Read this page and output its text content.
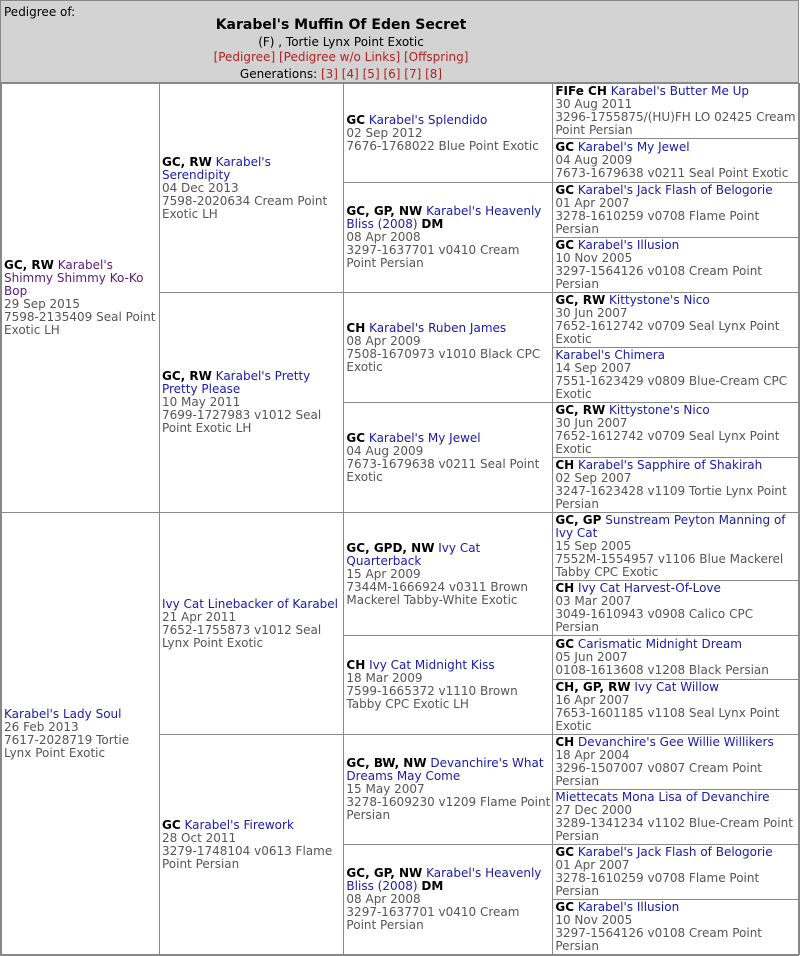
Pedigree of:
Karabel's Muffin Of Eden Secret
(F) , Tortie Lynx Point Exotic
[Pedigree] [Pedigree w/o Links] [Offspring]
Generations: [3] [4] [5] [6] [7] [8]
GC, RW Karabel's Shimmy Shimmy Ko-Ko Bop
29 Sep 2015
7598-2135409 Seal Point Exotic LH	GC, RW Karabel's Serendipity
04 Dec 2013
7598-2020634 Cream Point Exotic LH	GC Karabel's Splendido
02 Sep 2012
7676-1768022 Blue Point Exotic	FIFe CH Karabel's Butter Me Up
30 Aug 2011
3296-1755875/(HU)FH LO 02425 Cream Point Persian
			GC Karabel's My Jewel
04 Aug 2009
7673-1679638 v0211 Seal Point Exotic
		GC, GP, NW Karabel's Heavenly Bliss (2008) DM
08 Apr 2008
3297-1637701 v0410 Cream Point Persian	GC Karabel's Jack Flash of Belogorie
01 Apr 2007
3278-1610259 v0708 Flame Point Persian
			GC Karabel's Illusion
10 Nov 2005
3297-1564126 v0108 Cream Point Persian
	GC, RW Karabel's Pretty Pretty Please
10 May 2011
7699-1727983 v1012 Seal Point Exotic LH	CH Karabel's Ruben James
08 Apr 2009
7508-1670973 v1010 Black CPC Exotic	GC, RW Kittystone's Nico
30 Jun 2007
7652-1612742 v0709 Seal Lynx Point Exotic
			Karabel's Chimera
14 Sep 2007
7551-1623429 v0809 Blue-Cream CPC Exotic
		GC Karabel's My Jewel
04 Aug 2009
7673-1679638 v0211 Seal Point Exotic	GC, RW Kittystone's Nico
30 Jun 2007
7652-1612742 v0709 Seal Lynx Point Exotic
			CH Karabel's Sapphire of Shakirah
02 Sep 2007
3247-1623428 v1109 Tortie Lynx Point Persian
Karabel's Lady Soul
26 Feb 2013
7617-2028719 Tortie Lynx Point Exotic	Ivy Cat Linebacker of Karabel
21 Apr 2011
7652-1755873 v1012 Seal Lynx Point Exotic	GC, GPD, NW Ivy Cat Quarterback
15 Apr 2009
7344M-1666924 v0311 Brown Mackerel Tabby-White Exotic	GC, GP Sunstream Peyton Manning of Ivy Cat
15 Sep 2005
7552M-1554957 v1106 Blue Mackerel Tabby CPC Exotic
			CH Ivy Cat Harvest-Of-Love
03 Mar 2007
3049-1610943 v0908 Calico CPC Persian
		CH Ivy Cat Midnight Kiss
18 Mar 2009
7599-1665372 v1110 Brown Tabby CPC Exotic LH	GC Carismatic Midnight Dream
05 Jun 2007
0108-1613608 v1208 Black Persian
			CH, GP, RW Ivy Cat Willow
16 Apr 2007
7653-1601185 v1108 Seal Lynx Point Exotic
	GC Karabel's Firework
28 Oct 2011
3279-1748104 v0613 Flame Point Persian	GC, BW, NW Devanchire's What Dreams May Come
15 May 2007
3278-1609230 v1209 Flame Point Persian	CH Devanchire's Gee Willie Willikers
18 Apr 2004
3296-1507007 v0807 Cream Point Persian
			Miettecats Mona Lisa of Devanchire
27 Dec 2000
3289-1341234 v1102 Blue-Cream Point Persian
		GC, GP, NW Karabel's Heavenly Bliss (2008) DM
08 Apr 2008
3297-1637701 v0410 Cream Point Persian	GC Karabel's Jack Flash of Belogorie
01 Apr 2007
3278-1610259 v0708 Flame Point Persian
			GC Karabel's Illusion
10 Nov 2005
3297-1564126 v0108 Cream Point Persian
